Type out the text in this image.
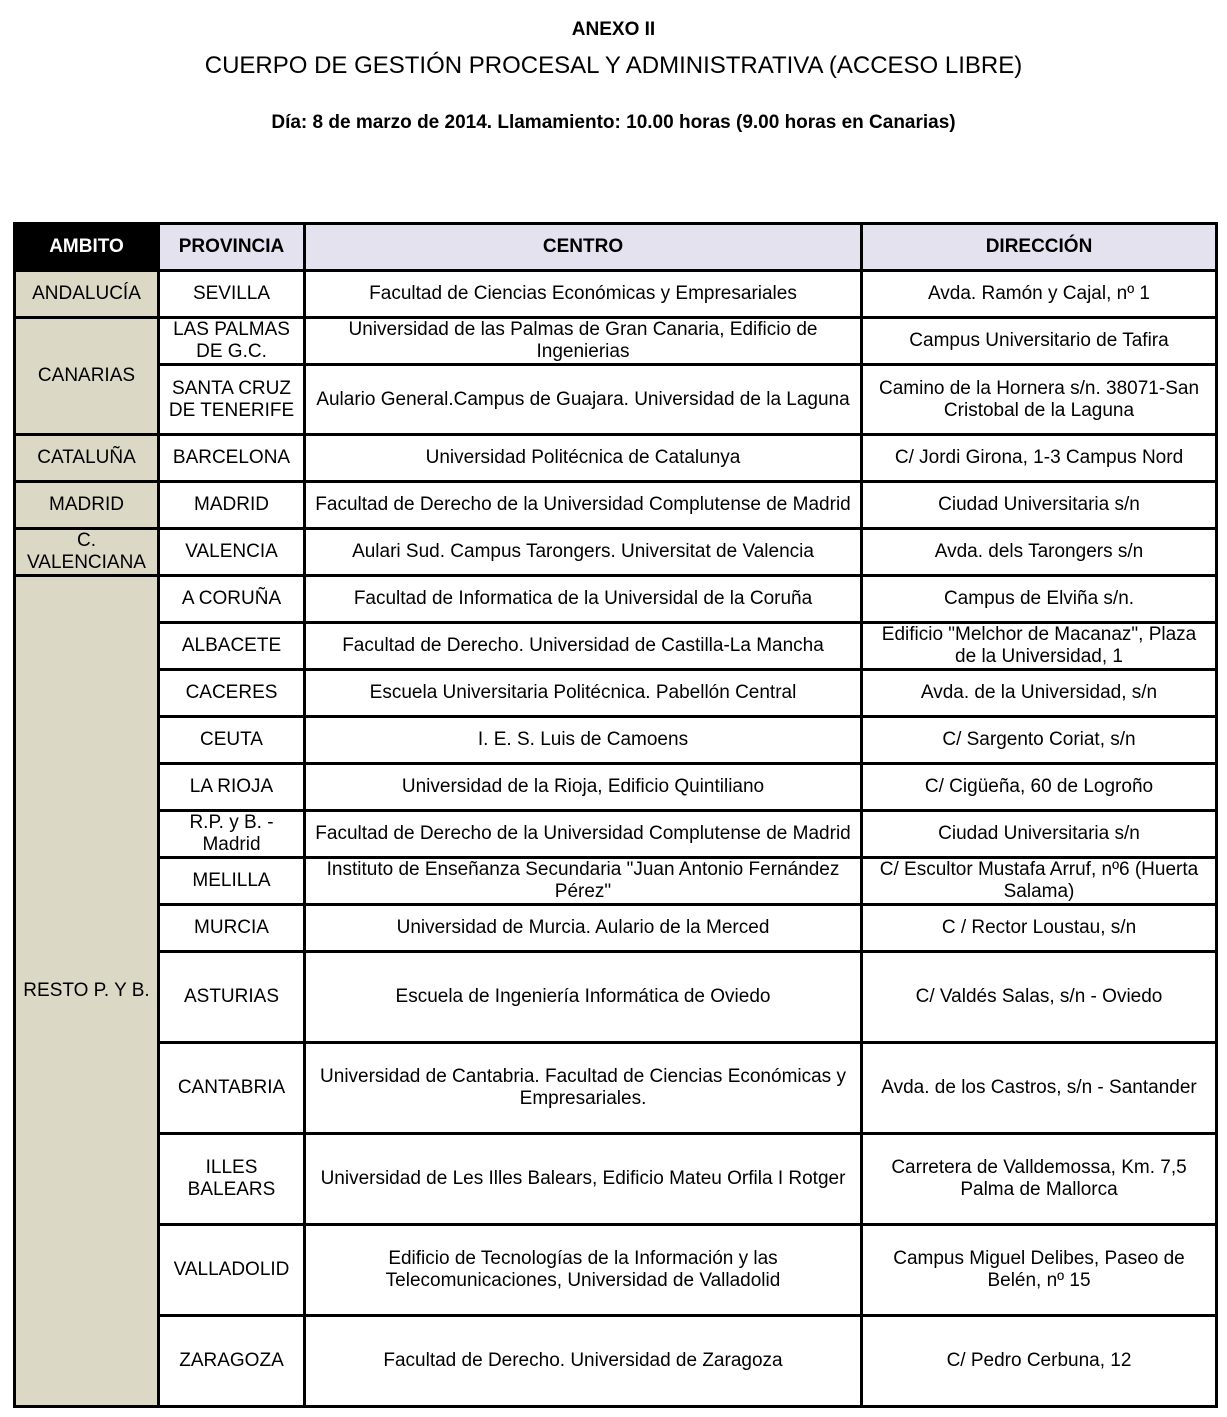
ANEXO II
CUERPO DE GESTIÓN PROCESAL Y ADMINISTRATIVA (ACCESO LIBRE)
Día: 8 de marzo de 2014. Llamamiento: 10.00 horas (9.00 horas en Canarias)
AMBITO	PROVINCIA	CENTRO	DIRECCIÓN
ANDALUCÍA	SEVILLA	Facultad de Ciencias Económicas y Empresariales	Avda. Ramón y Cajal, nº 1
CANARIAS	LAS PALMAS DE G.C.	Universidad de las Palmas de Gran Canaria, Edificio de Ingenierias	Campus Universitario de Tafira
	SANTA CRUZ DE TENERIFE	Aulario General.Campus de Guajara. Universidad de la Laguna	Camino de la Hornera s/n. 38071-San Cristobal de la Laguna
CATALUÑA	BARCELONA	Universidad Politécnica de Catalunya	C/ Jordi Girona, 1-3 Campus Nord
MADRID	MADRID	Facultad de Derecho de la Universidad Complutense de Madrid	Ciudad Universitaria s/n
C. VALENCIANA	VALENCIA	Aulari Sud. Campus Tarongers. Universitat de Valencia	Avda. dels Tarongers s/n
RESTO P. Y B.	A CORUÑA	Facultad de Informatica de la Universidal de la Coruña	Campus de Elviña s/n.
	ALBACETE	Facultad de Derecho. Universidad de Castilla-La Mancha	Edificio "Melchor de Macanaz", Plaza de la Universidad, 1
	CACERES	Escuela Universitaria Politécnica. Pabellón Central	Avda. de la Universidad, s/n
	CEUTA	I. E. S. Luis de Camoens	C/ Sargento Coriat, s/n
	LA RIOJA	Universidad de la Rioja, Edificio Quintiliano	C/ Cigüeña, 60 de Logroño
	R.P. y B. - Madrid	Facultad de Derecho de la Universidad Complutense de Madrid	Ciudad Universitaria s/n
	MELILLA	Instituto de Enseñanza Secundaria "Juan Antonio Fernández Pérez"	C/ Escultor Mustafa Arruf, nº6 (Huerta Salama)
	MURCIA	Universidad de Murcia. Aulario de la Merced	C / Rector Loustau, s/n
	ASTURIAS	Escuela de Ingeniería Informática de Oviedo	C/ Valdés Salas, s/n - Oviedo
	CANTABRIA	Universidad de Cantabria. Facultad de Ciencias Económicas y Empresariales.	Avda. de los Castros, s/n - Santander
	ILLES BALEARS	Universidad de Les Illes Balears, Edificio Mateu Orfila I Rotger	Carretera de Valldemossa, Km. 7,5 Palma de Mallorca
	VALLADOLID	Edificio de Tecnologías de la Información y las Telecomunicaciones, Universidad de Valladolid	Campus Miguel Delibes, Paseo de Belén, nº 15
	ZARAGOZA	Facultad de Derecho. Universidad de Zaragoza	C/ Pedro Cerbuna, 12
